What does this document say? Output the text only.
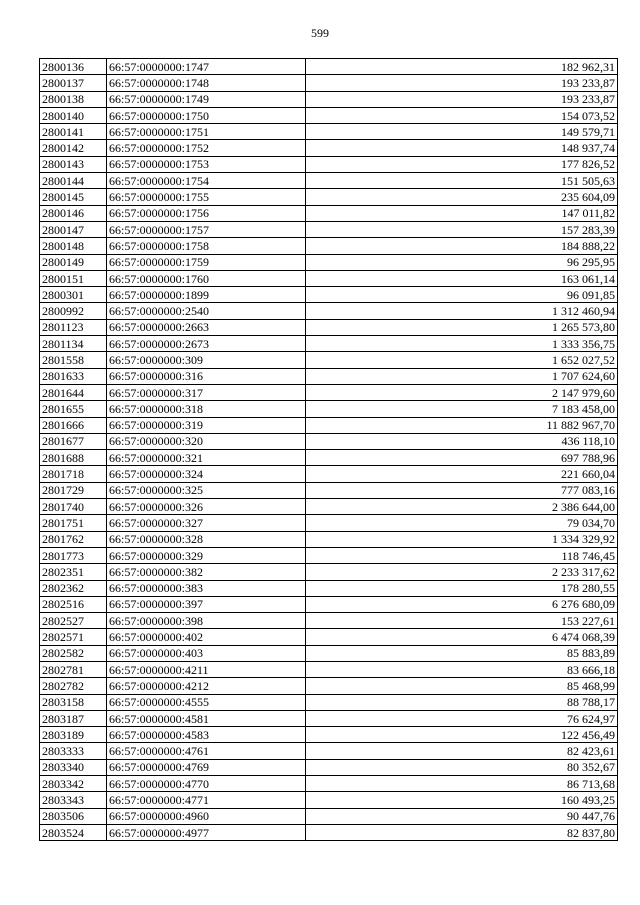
599
2800136	66:57:0000000:1747	182 962,31
2800137	66:57:0000000:1748	193 233,87
2800138	66:57:0000000:1749	193 233,87
2800140	66:57:0000000:1750	154 073,52
2800141	66:57:0000000:1751	149 579,71
2800142	66:57:0000000:1752	148 937,74
2800143	66:57:0000000:1753	177 826,52
2800144	66:57:0000000:1754	151 505,63
2800145	66:57:0000000:1755	235 604,09
2800146	66:57:0000000:1756	147 011,82
2800147	66:57:0000000:1757	157 283,39
2800148	66:57:0000000:1758	184 888,22
2800149	66:57:0000000:1759	96 295,95
2800151	66:57:0000000:1760	163 061,14
2800301	66:57:0000000:1899	96 091,85
2800992	66:57:0000000:2540	1 312 460,94
2801123	66:57:0000000:2663	1 265 573,80
2801134	66:57:0000000:2673	1 333 356,75
2801558	66:57:0000000:309	1 652 027,52
2801633	66:57:0000000:316	1 707 624,60
2801644	66:57:0000000:317	2 147 979,60
2801655	66:57:0000000:318	7 183 458,00
2801666	66:57:0000000:319	11 882 967,70
2801677	66:57:0000000:320	436 118,10
2801688	66:57:0000000:321	697 788,96
2801718	66:57:0000000:324	221 660,04
2801729	66:57:0000000:325	777 083,16
2801740	66:57:0000000:326	2 386 644,00
2801751	66:57:0000000:327	79 034,70
2801762	66:57:0000000:328	1 334 329,92
2801773	66:57:0000000:329	118 746,45
2802351	66:57:0000000:382	2 233 317,62
2802362	66:57:0000000:383	178 280,55
2802516	66:57:0000000:397	6 276 680,09
2802527	66:57:0000000:398	153 227,61
2802571	66:57:0000000:402	6 474 068,39
2802582	66:57:0000000:403	85 883,89
2802781	66:57:0000000:4211	83 666,18
2802782	66:57:0000000:4212	85 468,99
2803158	66:57:0000000:4555	88 788,17
2803187	66:57:0000000:4581	76 624,97
2803189	66:57:0000000:4583	122 456,49
2803333	66:57:0000000:4761	82 423,61
2803340	66:57:0000000:4769	80 352,67
2803342	66:57:0000000:4770	86 713,68
2803343	66:57:0000000:4771	160 493,25
2803506	66:57:0000000:4960	90 447,76
2803524	66:57:0000000:4977	82 837,80
